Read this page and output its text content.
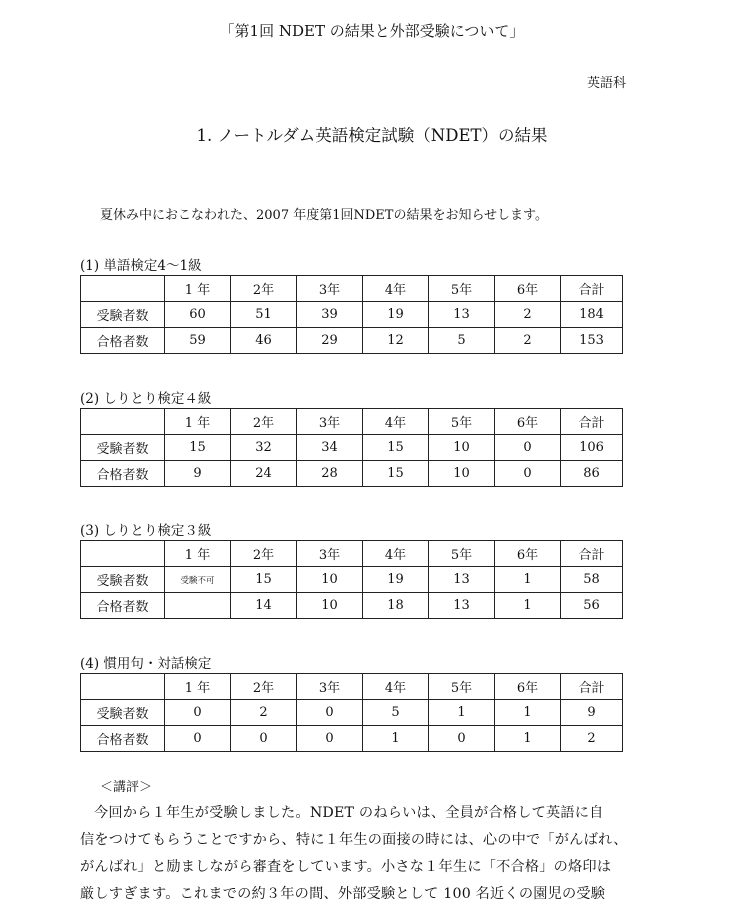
「第1回 NDET の結果と外部受験について」
英語科
1. ノートルダム英語検定試験（NDET）の結果
夏休み中におこなわれた、2007 年度第1回NDETの結果をお知らせします。
(1) 単語検定4～1級
	1 年	2年	3年	4年	5年	6年	合計
受験者数	60	51	39	19	13	2	184
合格者数	59	46	29	12	5	2	153
(2) しりとり検定４級
	1 年	2年	3年	4年	5年	6年	合計
受験者数	15	32	34	15	10	0	106
合格者数	9	24	28	15	10	0	86
(3) しりとり検定３級
	1 年	2年	3年	4年	5年	6年	合計
受験者数	受験不可	15	10	19	13	1	58
合格者数		14	10	18	13	1	56
(4) 慣用句・対話検定
	1 年	2年	3年	4年	5年	6年	合計
受験者数	0	2	0	5	1	1	9
合格者数	0	0	0	1	0	1	2
＜講評＞

今回から１年生が受験しました。NDET のねらいは、全員が合格して英語に自

信をつけてもらうことですから、特に１年生の面接の時には、心の中で「がんばれ、

がんばれ」と励ましながら審査をしています。小さな１年生に「不合格」の烙印は

厳しすぎます。これまでの約３年の間、外部受験として 100 名近くの園児の受験
